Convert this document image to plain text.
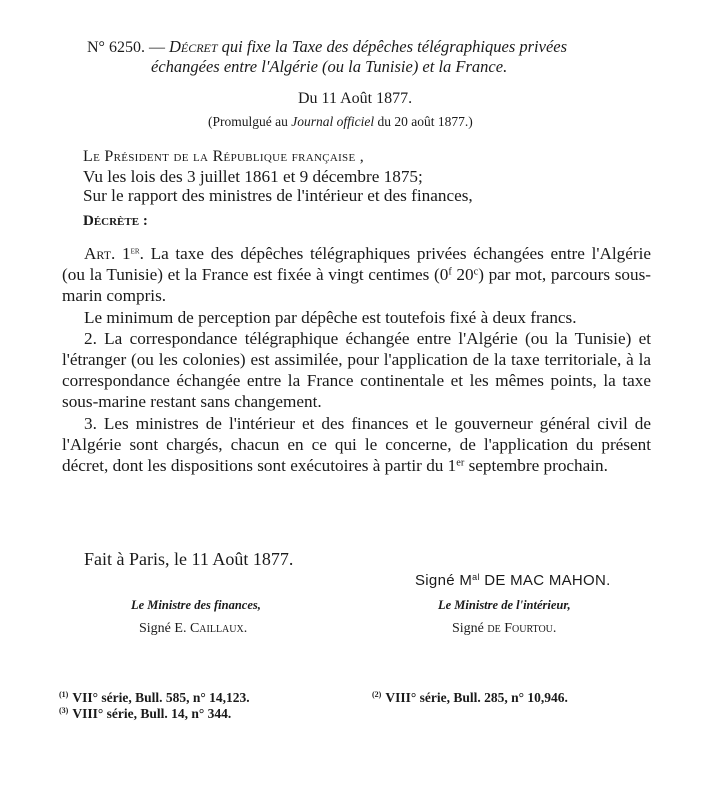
N° 6250. — Décret qui fixe la Taxe des dépêches télégraphiques privées
échangées entre l'Algérie (ou la Tunisie) et la France.
Du 11 Août 1877.
(Promulgué au Journal officiel du 20 août 1877.)
Le Président de la République française ,
Vu les lois des 3 juillet 1861 et 9 décembre 1875;
Sur le rapport des ministres de l'intérieur et des finances,
Décrète :

Art. 1er. La taxe des dépêches télégraphiques privées échangées entre l'Algérie (ou la Tunisie) et la France est fixée à vingt centimes (0$^f$ 20$^c$) par mot, parcours sous-marin compris.

Le minimum de perception par dépêche est toutefois fixé à deux francs.

2. La correspondance télégraphique échangée entre l'Algérie (ou la Tunisie) et l'étranger (ou les colonies) est assimilée, pour l'application de la taxe territoriale, à la correspondance échangée entre la France continentale et les mêmes points, la taxe sous-marine restant sans changement.

3. Les ministres de l'intérieur et des finances et le gouverneur général civil de l'Algérie sont chargés, chacun en ce qui le concerne, de l'application du présent décret, dont les dispositions sont exécutoires à partir du 1er septembre prochain.

Fait à Paris, le 11 Août 1877.
Signé $M^{al}$ DE MAC MAHON.
Le Ministre des finances,
Signé E. Caillaux.
Le Ministre de l'intérieur,
Signé de Fourtou.
$^{(1)}$ VII° série, Bull. 585, n° 14,123.
$^{(3)}$ VIII° série, Bull. 14, n° 344.
$^{(2)}$ VIII° série, Bull. 285, n° 10,946.
